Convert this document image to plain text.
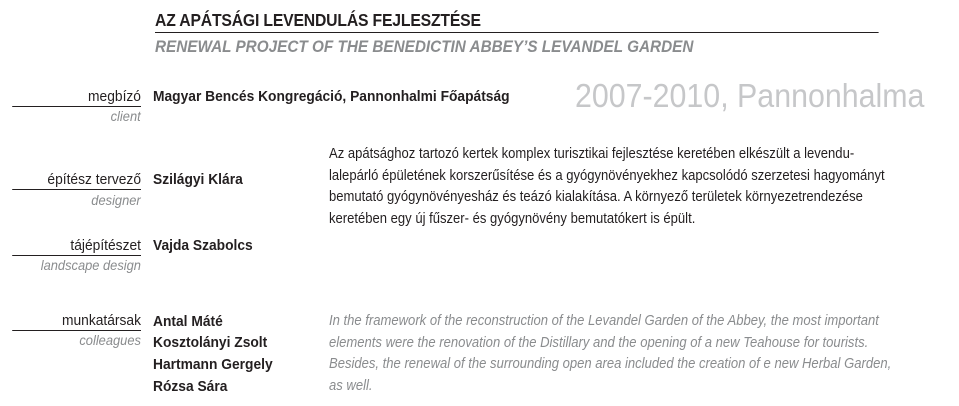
AZ APÁTSÁGI LEVENDULÁS FEJLESZTÉSE
RENEWAL PROJECT OF THE BENEDICTIN ABBEY’S LEVANDEL GARDEN
megbízó
client
Magyar Bencés Kongregáció, Pannonhalmi Főapátság 2007-2010, Pannonhalma
építész tervező
designer
Szilágyi Klára
tájépítészet
landscape design
Vajda Szabolcs
munkatársak
colleagues
Antal Máté
Kosztolányi Zsolt
Hartmann Gergely
Rózsa Sára
Az apátsághoz tartozó kertek komplex turisztikai fejlesztése keretében elkészült a levendu-
lalepárló épületének korszerűsítése és a gyógynövényekhez kapcsolódó szerzetesi hagyományt
bemutató gyógynövényesház és teázó kialakítása. A környező területek környezetrendezése
keretében egy új fűszer- és gyógynövény bemutatókert is épült.
In the framework of the reconstruction of the Levandel Garden of the Abbey, the most important
elements were the renovation of the Distillary and the opening of a new Teahouse for tourists.
Besides, the renewal of the surrounding open area included the creation of e new Herbal Garden,
as well.
